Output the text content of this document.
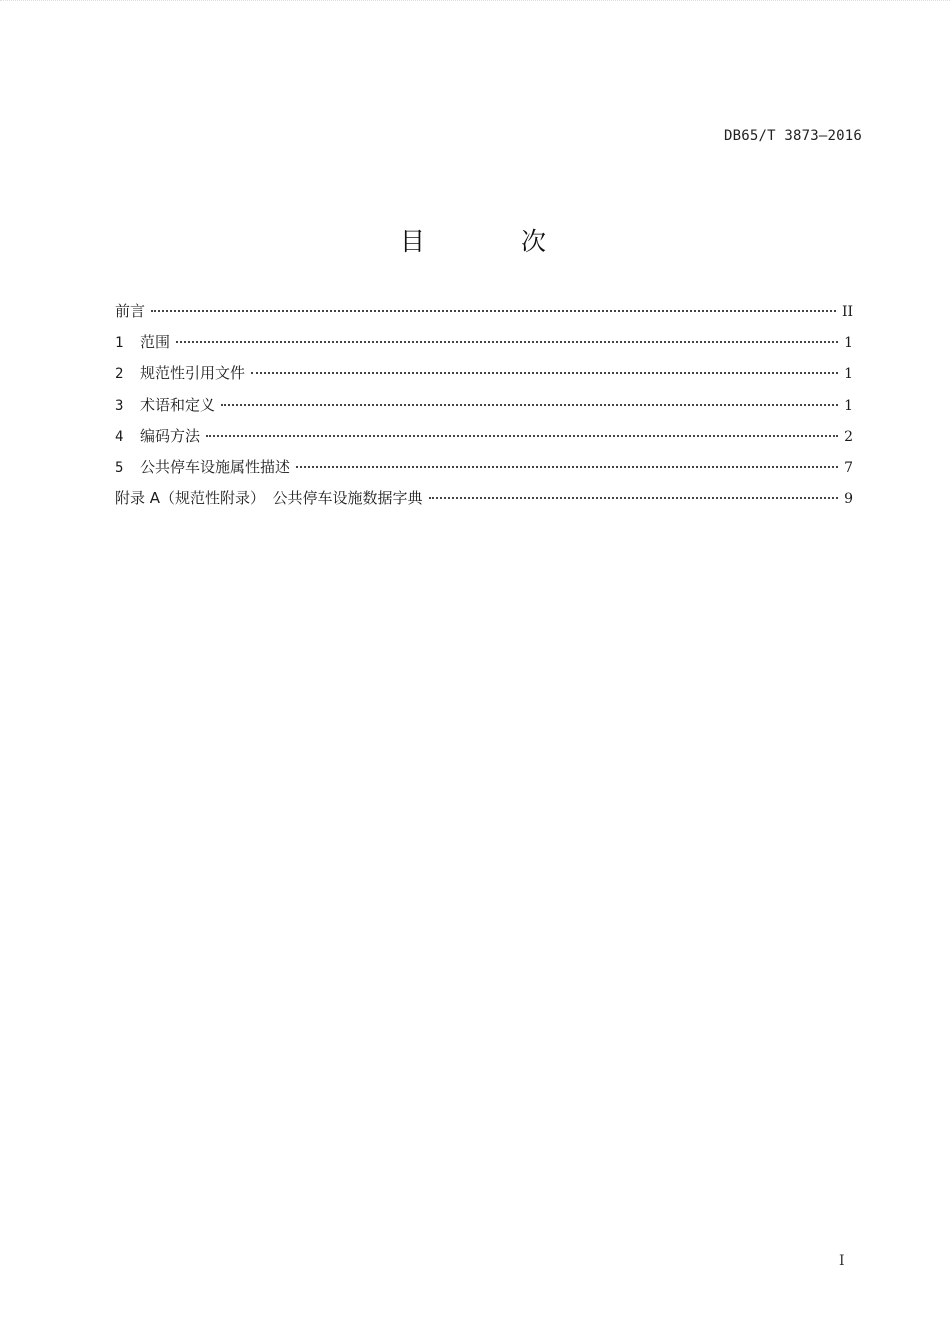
DB65/T 3873—2016
目 次
前言	II
1	范围	1
2	规范性引用文件	1
3	术语和定义	1
4	编码方法	2
5	公共停车设施属性描述	7
附录 A（规范性附录）　公共停车设施数据字典	9
I
